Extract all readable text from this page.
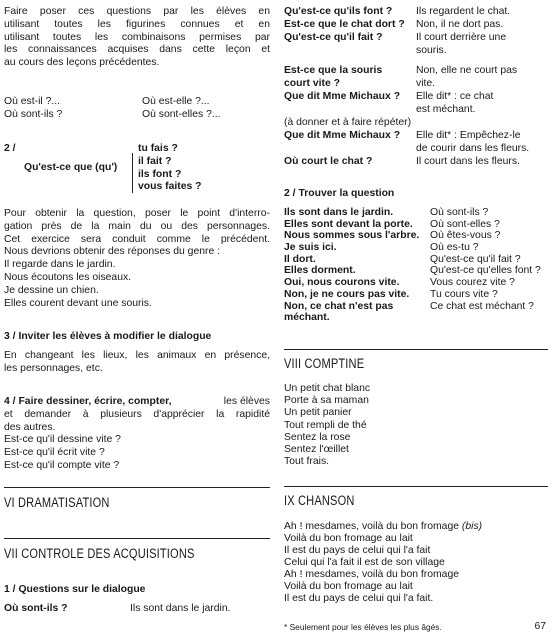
Faire poser ces questions par les élèves en
utilisant toutes les figurines connues et en
utilisant toutes les combinaisons permises par
les connaissances acquises dans cette leçon et
au cours des leçons précédentes.
Où est-il ?...	Où est-elle ?...
Où sont-ils ?	Où sont-elles ?...
2 /
Qu'est-ce que (qu')
tu fais ?
il fait ?
ils font ?
vous faites ?
Pour obtenir la question, poser le point d'interro-
gation près de la main du ou des personnages.
Cet exercice sera conduit comme le précédent.
Nous devrions obtenir des réponses du genre :
Il regarde dans le jardin.
Nous écoutons les oiseaux.
Je dessine un chien.
Elles courent devant une souris.
3 / Inviter les élèves à modifier le dialogue
En changeant les lieux, les animaux en présence,
les personnages, etc.
4 / Faire dessiner, écrire, compter,	les élèves
et demander à plusieurs d'apprécier la rapidité
des autres.
Est-ce qu'il dessine vite ?
Est-ce qu'il écrit vite ?
Est-ce qu'il compte vite ?
VI DRAMATISATION
VII CONTROLE DES ACQUISITIONS
1 / Questions sur le dialogue
Où sont-ils ?	Ils sont dans le jardin.
Qu'est-ce qu'ils font ? Ils regardent le chat.
Est-ce que le chat dort ? Non, il ne dort pas.
Qu'est-ce qu'il fait ?	Il court derrière une
souris.
Est-ce que la souris	Non, elle ne court pas
court vite ?	vite.
Que dit Mme Michaux ? Elle dit* : ce chat
est méchant.
(à donner et à faire répéter)
Que dit Mme Michaux ? Elle dit* : Empêchez-le
de courir dans les fleurs.
Où court le chat ?	Il court dans les fleurs.
2 / Trouver la question
Ils sont dans le jardin.	Où sont-ils ?
Elles sont devant la porte. Où sont-elles ?
Nous sommes sous l'arbre. Où êtes-vous ?
Je suis ici.	Où es-tu ?
Il dort.	Qu'est-ce qu'il fait ?
Elles dorment.	Qu'est-ce qu'elles font ?
Oui, nous courons vite.	Vous courez vite ?
Non, je ne cours pas vite. Tu cours vite ?
Non, ce chat n'est pas	Ce chat est méchant ?
méchant.
VIII COMPTINE
Un petit chat blanc
Porte à sa maman
Un petit panier
Tout rempli de thé
Sentez la rose
Sentez l'œillet
Tout frais.
IX CHANSON
Ah ! mesdames, voilà du bon fromage (bis)
Voilà du bon fromage au lait
Il est du pays de celui qui l'a fait
Celui qui l'a fait il est de son village
Ah ! mesdames, voilà du bon fromage
Voilà du bon fromage au lait
Il est du pays de celui qui l'a fait.
* Seulement pour les élèves les plus âgés.	67
